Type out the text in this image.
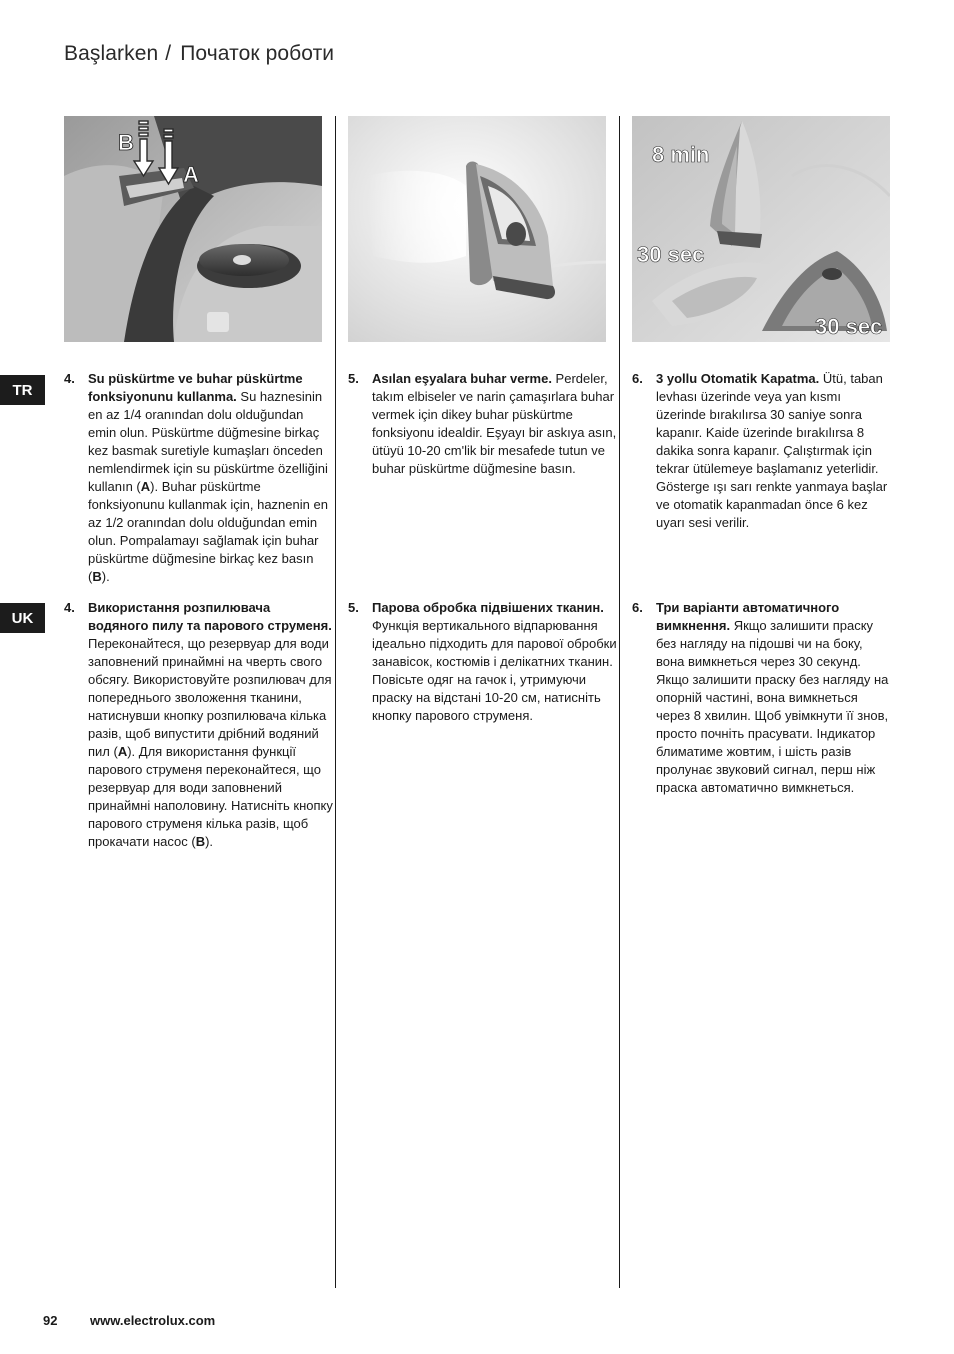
Başlarken / Початок роботи
B
A
8 min
30 sec
30 sec
TR
UK
4. Su püskürtme ve buhar püskürtme fonksiyonunu kullanma. Su haznesinin en az 1/4 oranından dolu olduğundan emin olun. Püskürtme düğmesine birkaç kez basmak suretiyle kumaşları önceden nemlendirmek için su püskürtme özelliğini kullanın (A). Buhar püskürtme fonksiyonunu kullanmak için, haznenin en az 1/2 oranından dolu olduğundan emin olun. Pompalamayı sağlamak için buhar püskürtme düğmesine birkaç kez basın (B).
5. Asılan eşyalara buhar verme. Perdeler, takım elbiseler ve narin çamaşırlara buhar vermek için dikey buhar püskürtme fonksiyonu idealdir. Eşyayı bir askıya asın, ütüyü 10-20 cm'lik bir mesafede tutun ve buhar püskürtme düğmesine basın.
6. 3 yollu Otomatik Kapatma. Ütü, taban levhası üzerinde veya yan kısmı üzerinde bırakılırsa 30 saniye sonra kapanır. Kaide üzerinde bırakılırsa 8 dakika sonra kapanır. Çalıştırmak için tekrar ütülemeye başlamanız yeterlidir. Gösterge ışı sarı renkte yanmaya başlar ve otomatik kapanmadan önce 6 kez uyarı sesi verilir.
4. Використання розпилювача водяного пилу та парового струменя. Переконайтеся, що резервуар для води заповнений принаймні на чверть свого обсягу. Використовуйте розпилювач для попереднього зволоження тканини, натиснувши кнопку розпилювача кілька разів, щоб випустити дрібний водяний пил (A). Для використання функції парового струменя переконайтеся, що резервуар для води заповнений принаймні наполовину. Натисніть кнопку парового струменя кілька разів, щоб прокачати насос (B).
5. Парова обробка підвішених тканин. Функція вертикального відпарювання ідеально підходить для парової обробки занавісок, костюмів і делікатних тканин. Повісьте одяг на гачок і, утримуючи праску на відстані 10-20 см, натисніть кнопку парового струменя.
6. Три варіанти автоматичного вимкнення. Якщо залишити праску без нагляду на підошві чи на боку, вона вимкнеться через 30 секунд. Якщо залишити праску без нагляду на опорній частині, вона вимкнеться через 8 хвилин. Щоб увімкнути її знов, просто почніть прасувати. Індикатор блиматиме жовтим, і шість разів пролунає звуковий сигнал, перш ніж праска автоматично вимкнеться.
92	www.electrolux.com
